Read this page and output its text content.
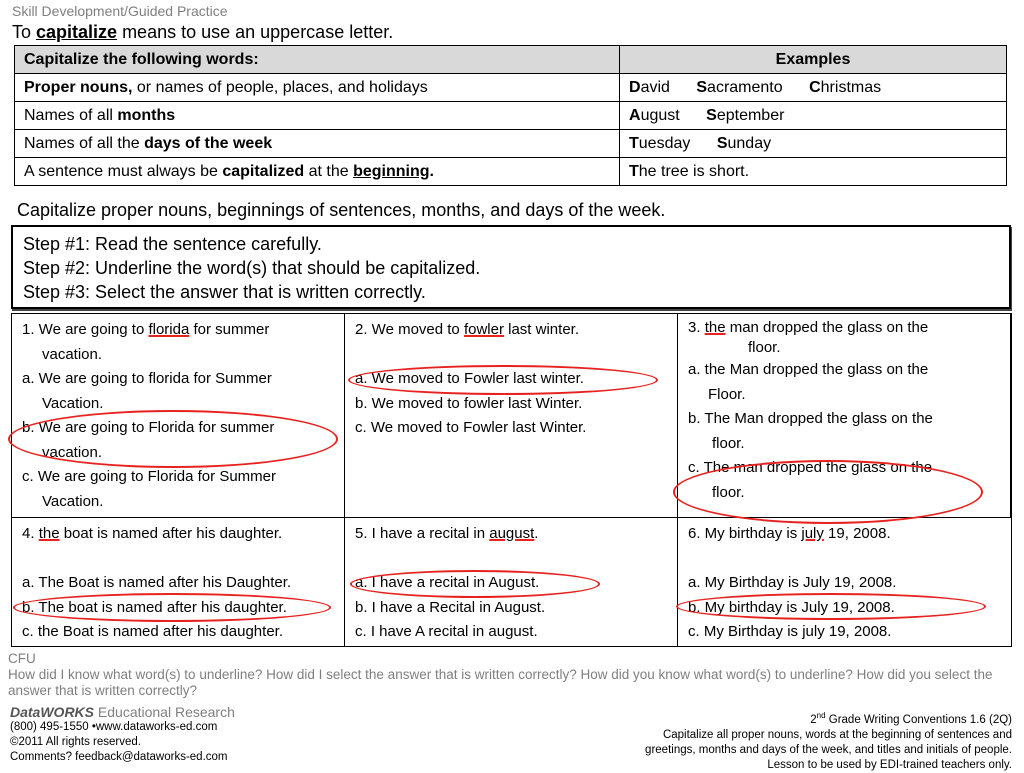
Skill Development/Guided Practice
To capitalize means to use an uppercase letter.
Capitalize the following words:	Examples
Proper nouns, or names of people, places, and holidays	David Sacramento Christmas
Names of all months	August September
Names of all the days of the week	Tuesday Sunday
A sentence must always be capitalized at the beginning.	The tree is short.
Capitalize proper nouns, beginnings of sentences, months, and days of the week.
Step #1: Read the sentence carefully.
Step #2: Underline the word(s) that should be capitalized.
Step #3: Select the answer that is written correctly.

1. We are going to florida for summer

vacation.

a. We are going to florida for Summer

Vacation.

b. We are going to Florida for summer

vacation.

c. We are going to Florida for Summer

Vacation.

2. We moved to fowler last winter.

a. We moved to Fowler last winter.

b. We moved to fowler last Winter.

c. We moved to Fowler last Winter.

3. the man dropped the glass on the

floor.

a. the Man dropped the glass on the

Floor.

b. The Man dropped the glass on the

floor.

c. The man dropped the glass on the

floor.

4. the boat is named after his daughter.

a. The Boat is named after his Daughter.

b. The boat is named after his daughter.

c. the Boat is named after his daughter.

5. I have a recital in august.

a. I have a recital in August.

b. I have a Recital in August.

c. I have A recital in august.

6. My birthday is july 19, 2008.

a. My Birthday is July 19, 2008.

b. My birthday is July 19, 2008.

c. My Birthday is july 19, 2008.

CFU
How did I know what word(s) to underline? How did I select the answer that is written correctly? How did you know what word(s) to underline? How did you select the answer that is written correctly?
DataWORKS Educational Research
(800) 495-1550 •www.dataworks-ed.com
©2011 All rights reserved.
Comments? feedback@dataworks-ed.com
2nd Grade Writing Conventions 1.6 (2Q)
Capitalize all proper nouns, words at the beginning of sentences and
greetings, months and days of the week, and titles and initials of people.
Lesson to be used by EDI-trained teachers only.
